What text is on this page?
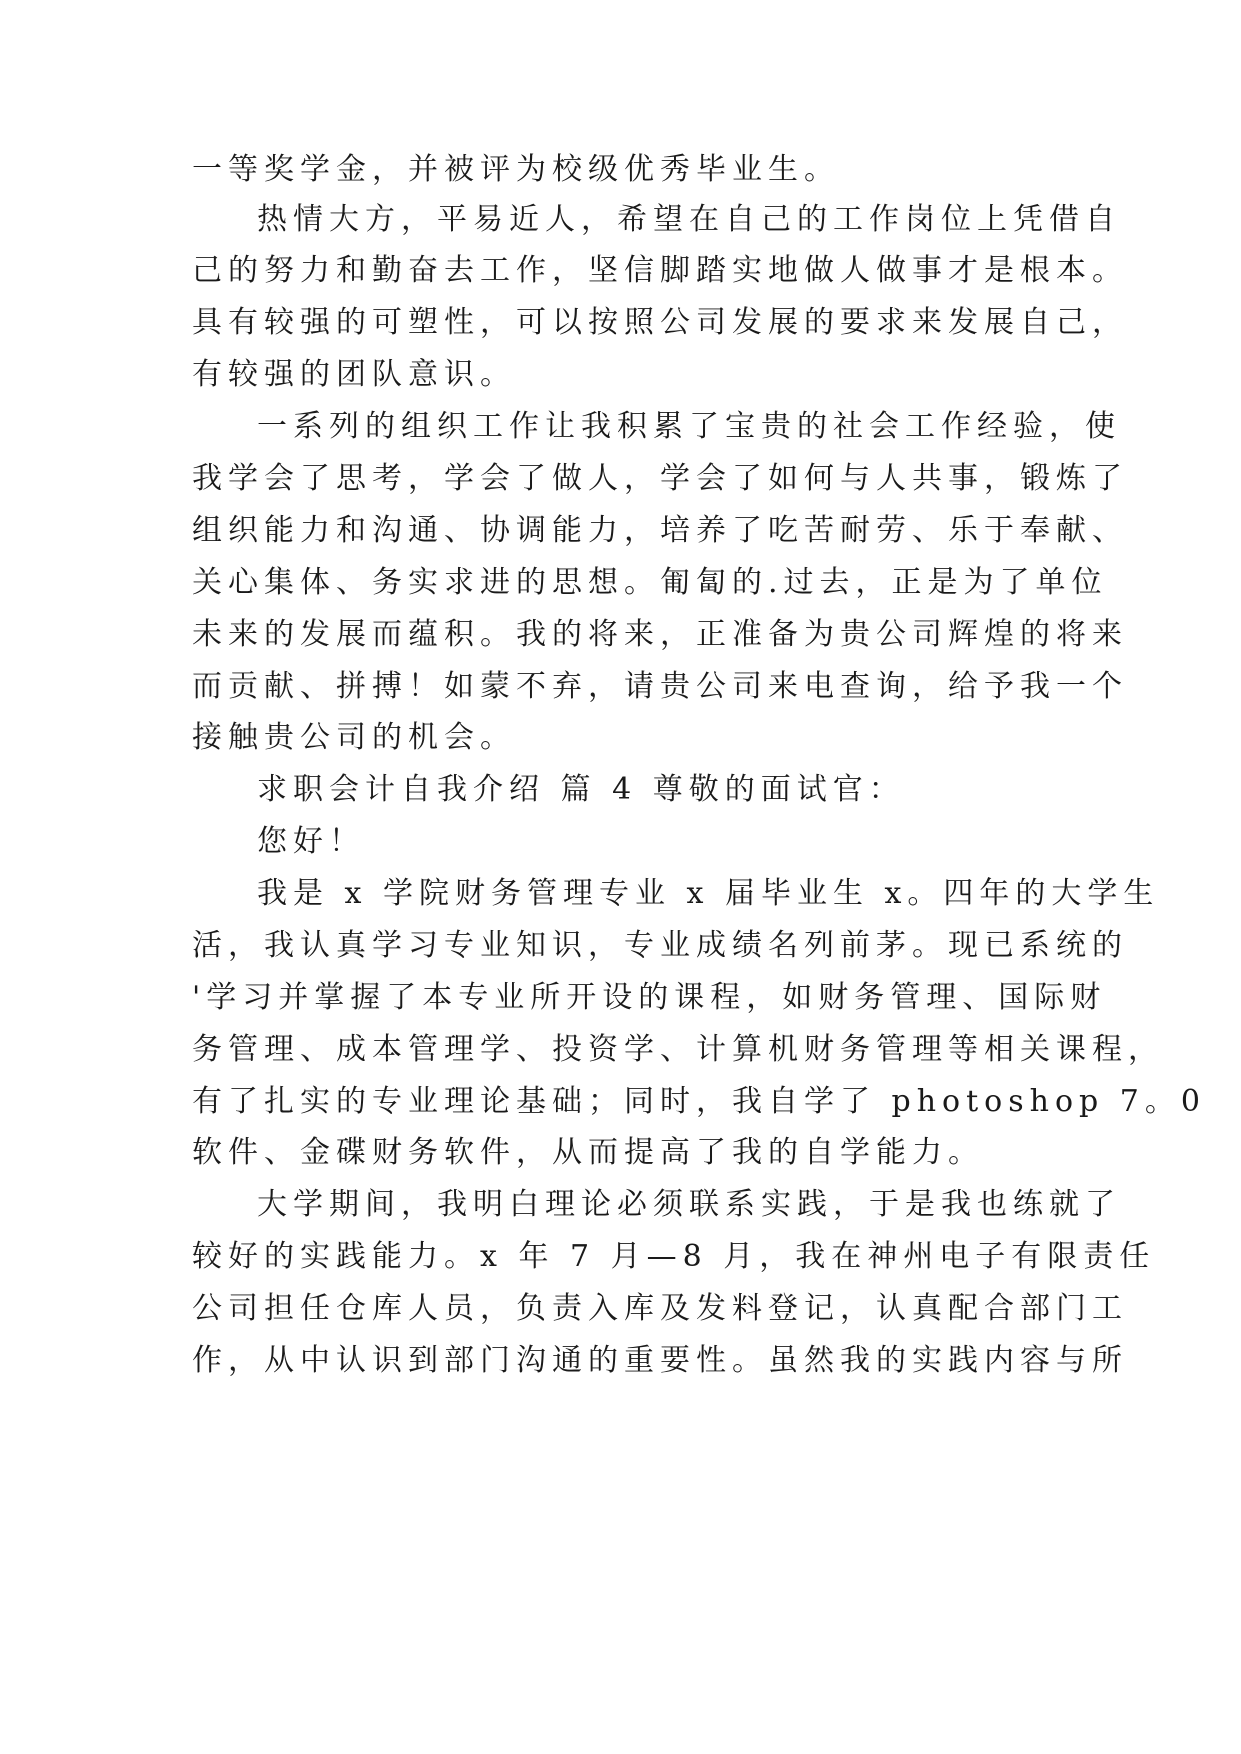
一等奖学金，并被评为校级优秀毕业生。
热情大方，平易近人，希望在自己的工作岗位上凭借自
己的努力和勤奋去工作，坚信脚踏实地做人做事才是根本。
具有较强的可塑性，可以按照公司发展的要求来发展自己，
有较强的团队意识。
一系列的组织工作让我积累了宝贵的社会工作经验，使
我学会了思考，学会了做人，学会了如何与人共事，锻炼了
组织能力和沟通、协调能力，培养了吃苦耐劳、乐于奉献、
关心集体、务实求进的思想。匍匐的.过去，正是为了单位
未来的发展而蕴积。我的将来，正准备为贵公司辉煌的将来
而贡献、拼搏！如蒙不弃，请贵公司来电查询，给予我一个
接触贵公司的机会。
求职会计自我介绍 篇 4 尊敬的面试官：
您好！
我是 x 学院财务管理专业 x 届毕业生 x。四年的大学生
活，我认真学习专业知识，专业成绩名列前茅。现已系统的
'学习并掌握了本专业所开设的课程，如财务管理、国际财
务管理、成本管理学、投资学、计算机财务管理等相关课程，
有了扎实的专业理论基础；同时，我自学了 photoshop 7。0
软件、金碟财务软件，从而提高了我的自学能力。
大学期间，我明白理论必须联系实践，于是我也练就了
较好的实践能力。x 年 7 月—8 月，我在神州电子有限责任
公司担任仓库人员，负责入库及发料登记，认真配合部门工
作，从中认识到部门沟通的重要性。虽然我的实践内容与所
